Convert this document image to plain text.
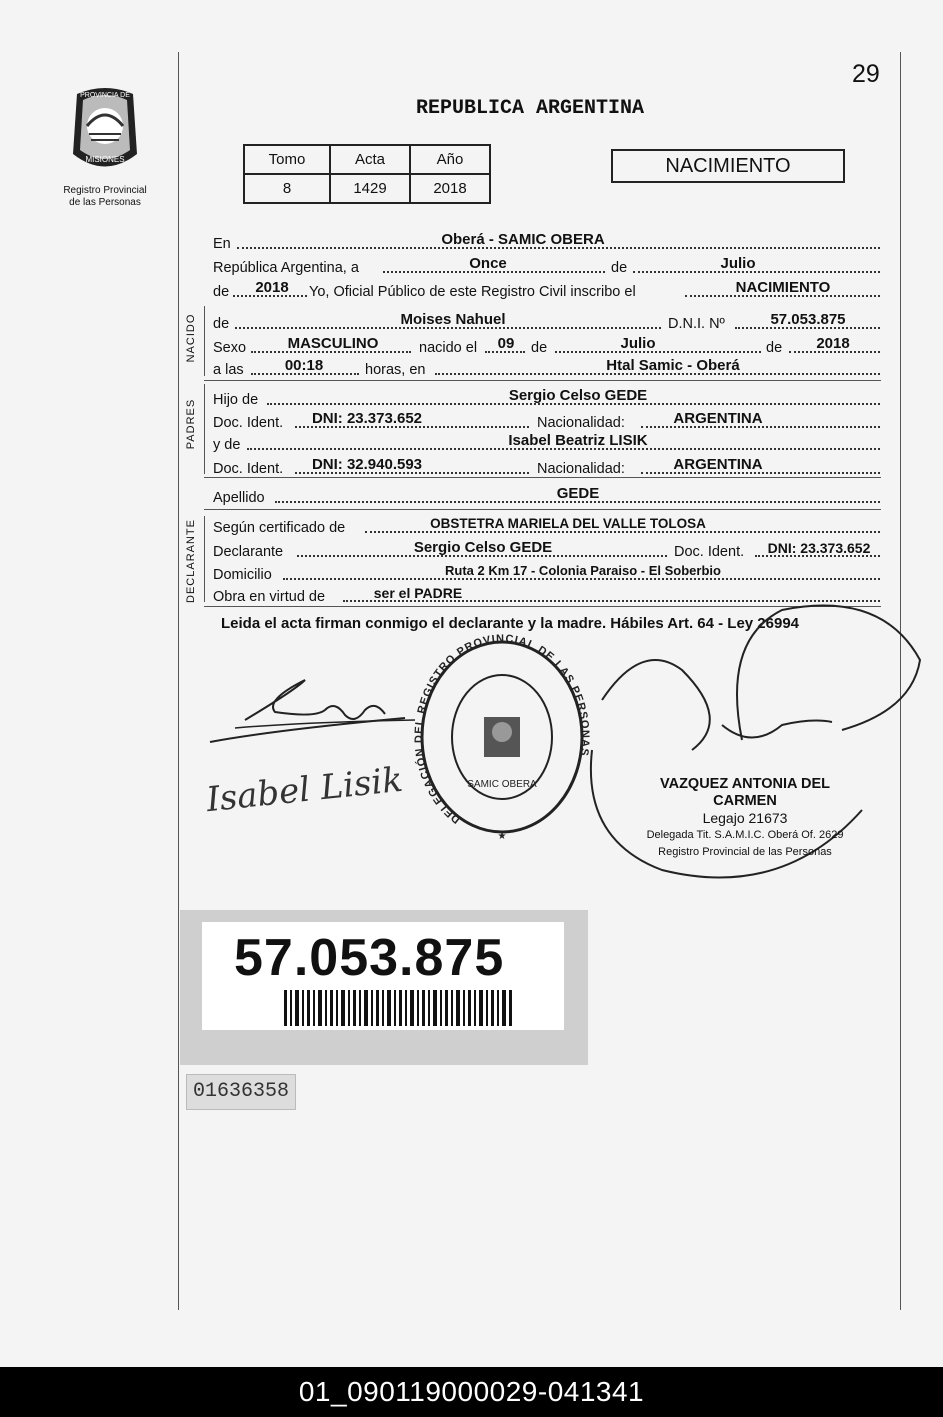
29
REPUBLICA ARGENTINA
PROVINCIA DE
MISIONES
Registro Provincial
de las Personas
Tomo	Acta	Año
8	1429	2018
NACIMIENTO
NACIDO
PADRES
DECLARANTE
En	Oberá - SAMIC OBERA
República Argentina, a	Once	de	Julio
de	2018	Yo, Oficial Público de este Registro Civil inscribo el	NACIMIENTO
de	Moises Nahuel	D.N.I. Nº	57.053.875
Sexo	MASCULINO	nacido el	09	de	Julio	de	2018
a las	00:18	horas, en	Htal Samic - Oberá
Hijo de	Sergio Celso GEDE
Doc. Ident.	DNI: 23.373.652	Nacionalidad:	ARGENTINA
y de	Isabel Beatriz LISIK
Doc. Ident.	DNI: 32.940.593	Nacionalidad:	ARGENTINA
Apellido	GEDE
Según certificado de	OBSTETRA MARIELA DEL VALLE TOLOSA
Declarante	Sergio Celso GEDE	Doc. Ident.	DNI: 23.373.652
Domicilio	Ruta 2 Km 17 - Colonia Paraiso - El Soberbio
Obra en virtud de	ser el PADRE
Leida el acta firman conmigo el declarante y la madre. Hábiles Art. 64 - Ley 26994
Isabel Lisik	DELEGACIÓN DEL REGISTRO PROVINCIAL DE LAS PERSONAS
SAMIC OBERA
★
VAZQUEZ ANTONIA DEL CARMEN
Legajo 21673
Delegada Tit. S.A.M.I.C. Oberá Of. 2629
Registro Provincial de las Personas
57.053.875
01636358
01_090119000029-041341
